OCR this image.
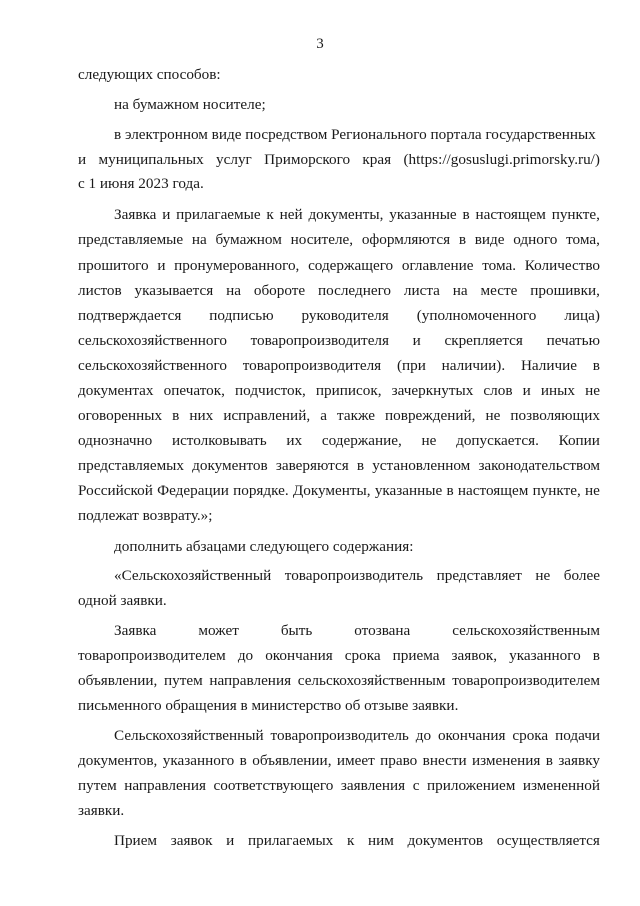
3
следующих способов:
на бумажном носителе;
в электронном виде посредством Регионального портала государственных
и муниципальных услуг Приморского края (https://gosuslugi.primorsky.ru/)
с 1 июня 2023 года.
Заявка и прилагаемые к ней документы, указанные в настоящем пункте,
представляемые на бумажном носителе, оформляются в виде одного тома,
прошитого и пронумерованного, содержащего оглавление тома. Количество
листов указывается на обороте последнего листа на месте прошивки,
подтверждается подписью руководителя (уполномоченного лица)
сельскохозяйственного товаропроизводителя и скрепляется печатью
сельскохозяйственного товаропроизводителя (при наличии). Наличие в
документах опечаток, подчисток, приписок, зачеркнутых слов и иных не
оговоренных в них исправлений, а также повреждений, не позволяющих
однозначно истолковывать их содержание, не допускается. Копии
представляемых документов заверяются в установленном законодательством
Российской Федерации порядке. Документы, указанные в настоящем пункте, не
подлежат возврату.»;
дополнить абзацами следующего содержания:
«Сельскохозяйственный товаропроизводитель представляет не более
одной заявки.
Заявка	может	быть	отозвана	сельскохозяйственным
товаропроизводителем до окончания срока приема заявок, указанного в
объявлении, путем направления сельскохозяйственным товаропроизводителем
письменного обращения в министерство об отзыве заявки.
Сельскохозяйственный товаропроизводитель до окончания срока подачи
документов, указанного в объявлении, имеет право внести изменения в заявку
путем направления соответствующего заявления с приложением измененной
заявки.
Прием заявок и прилагаемых к ним документов осуществляется
